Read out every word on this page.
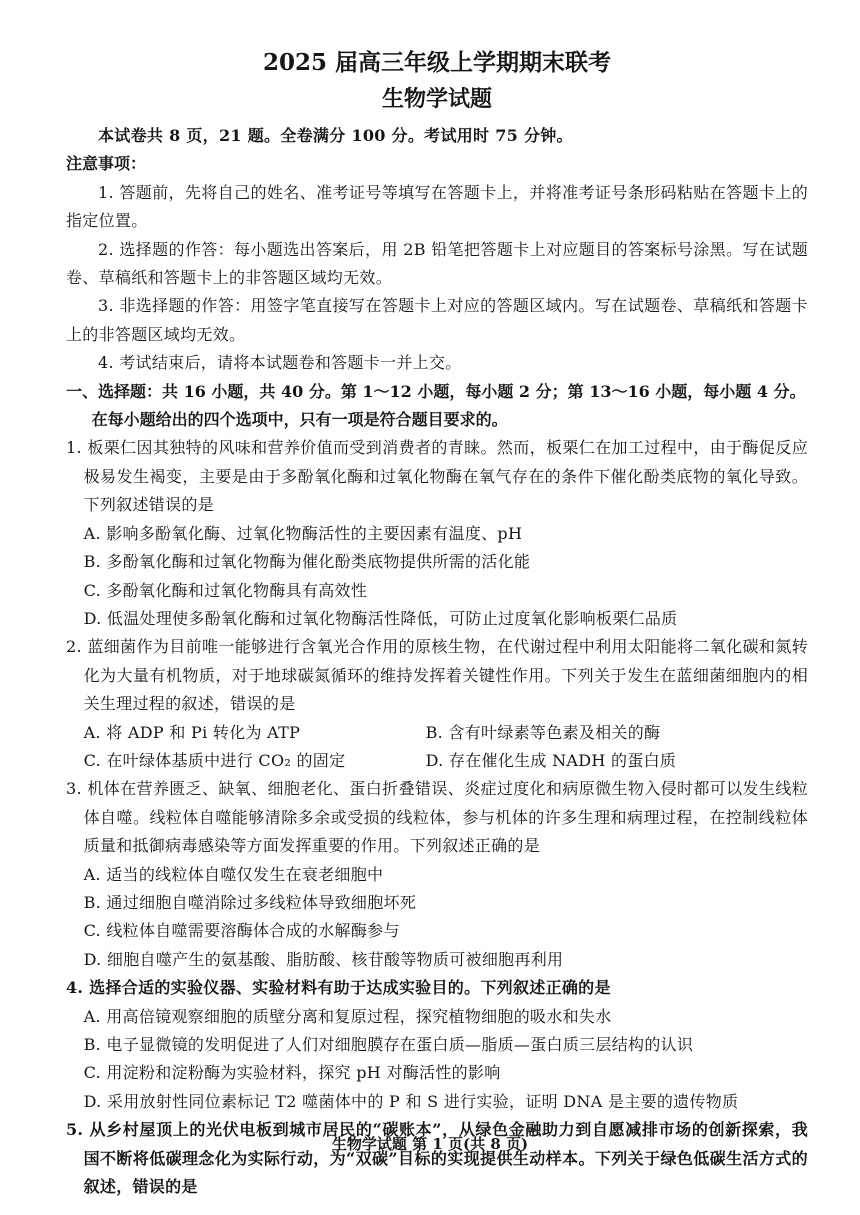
2025 届高三年级上学期期末联考

生物学试题

本试卷共 8 页，21 题。全卷满分 100 分。考试用时 75 分钟。

注意事项：

1. 答题前，先将自己的姓名、准考证号等填写在答题卡上，并将准考证号条形码粘贴在答题卡上的指定位置。

2. 选择题的作答：每小题选出答案后，用 2B 铅笔把答题卡上对应题目的答案标号涂黑。写在试题卷、草稿纸和答题卡上的非答题区域均无效。

3. 非选择题的作答：用签字笔直接写在答题卡上对应的答题区域内。写在试题卷、草稿纸和答题卡上的非答题区域均无效。

4. 考试结束后，请将本试题卷和答题卡一并上交。

一、选择题：共 16 小题，共 40 分。第 1～12 小题，每小题 2 分；第 13～16 小题，每小题 4 分。在每小题给出的四个选项中，只有一项是符合题目要求的。

1. 板栗仁因其独特的风味和营养价值而受到消费者的青睐。然而，板栗仁在加工过程中，由于酶促反应极易发生褐变，主要是由于多酚氧化酶和过氧化物酶在氧气存在的条件下催化酚类底物的氧化导致。下列叙述错误的是

A. 影响多酚氧化酶、过氧化物酶活性的主要因素有温度、pH

B. 多酚氧化酶和过氧化物酶为催化酚类底物提供所需的活化能

C. 多酚氧化酶和过氧化物酶具有高效性

D. 低温处理使多酚氧化酶和过氧化物酶活性降低，可防止过度氧化影响板栗仁品质

2. 蓝细菌作为目前唯一能够进行含氧光合作用的原核生物，在代谢过程中利用太阳能将二氧化碳和氮转化为大量有机物质，对于地球碳氮循环的维持发挥着关键性作用。下列关于发生在蓝细菌细胞内的相关生理过程的叙述，错误的是

A. 将 ADP 和 Pi 转化为 ATP	B. 含有叶绿素等色素及相关的酶
C. 在叶绿体基质中进行 CO₂ 的固定	D. 存在催化生成 NADH 的蛋白质

3. 机体在营养匮乏、缺氧、细胞老化、蛋白折叠错误、炎症过度化和病原微生物入侵时都可以发生线粒体自噬。线粒体自噬能够清除多余或受损的线粒体，参与机体的许多生理和病理过程，在控制线粒体质量和抵御病毒感染等方面发挥重要的作用。下列叙述正确的是

A. 适当的线粒体自噬仅发生在衰老细胞中

B. 通过细胞自噬消除过多线粒体导致细胞坏死

C. 线粒体自噬需要溶酶体合成的水解酶参与

D. 细胞自噬产生的氨基酸、脂肪酸、核苷酸等物质可被细胞再利用

4. 选择合适的实验仪器、实验材料有助于达成实验目的。下列叙述正确的是

A. 用高倍镜观察细胞的质壁分离和复原过程，探究植物细胞的吸水和失水

B. 电子显微镜的发明促进了人们对细胞膜存在蛋白质—脂质—蛋白质三层结构的认识

C. 用淀粉和淀粉酶为实验材料，探究 pH 对酶活性的影响

D. 采用放射性同位素标记 T2 噬菌体中的 P 和 S 进行实验，证明 DNA 是主要的遗传物质

5. 从乡村屋顶上的光伏电板到城市居民的“碳账本”，从绿色金融助力到自愿减排市场的创新探索，我国不断将低碳理念化为实际行动，为“双碳”目标的实现提供生动样本。下列关于绿色低碳生活方式的叙述，错误的是

生物学试题 第 1 页(共 8 页)
